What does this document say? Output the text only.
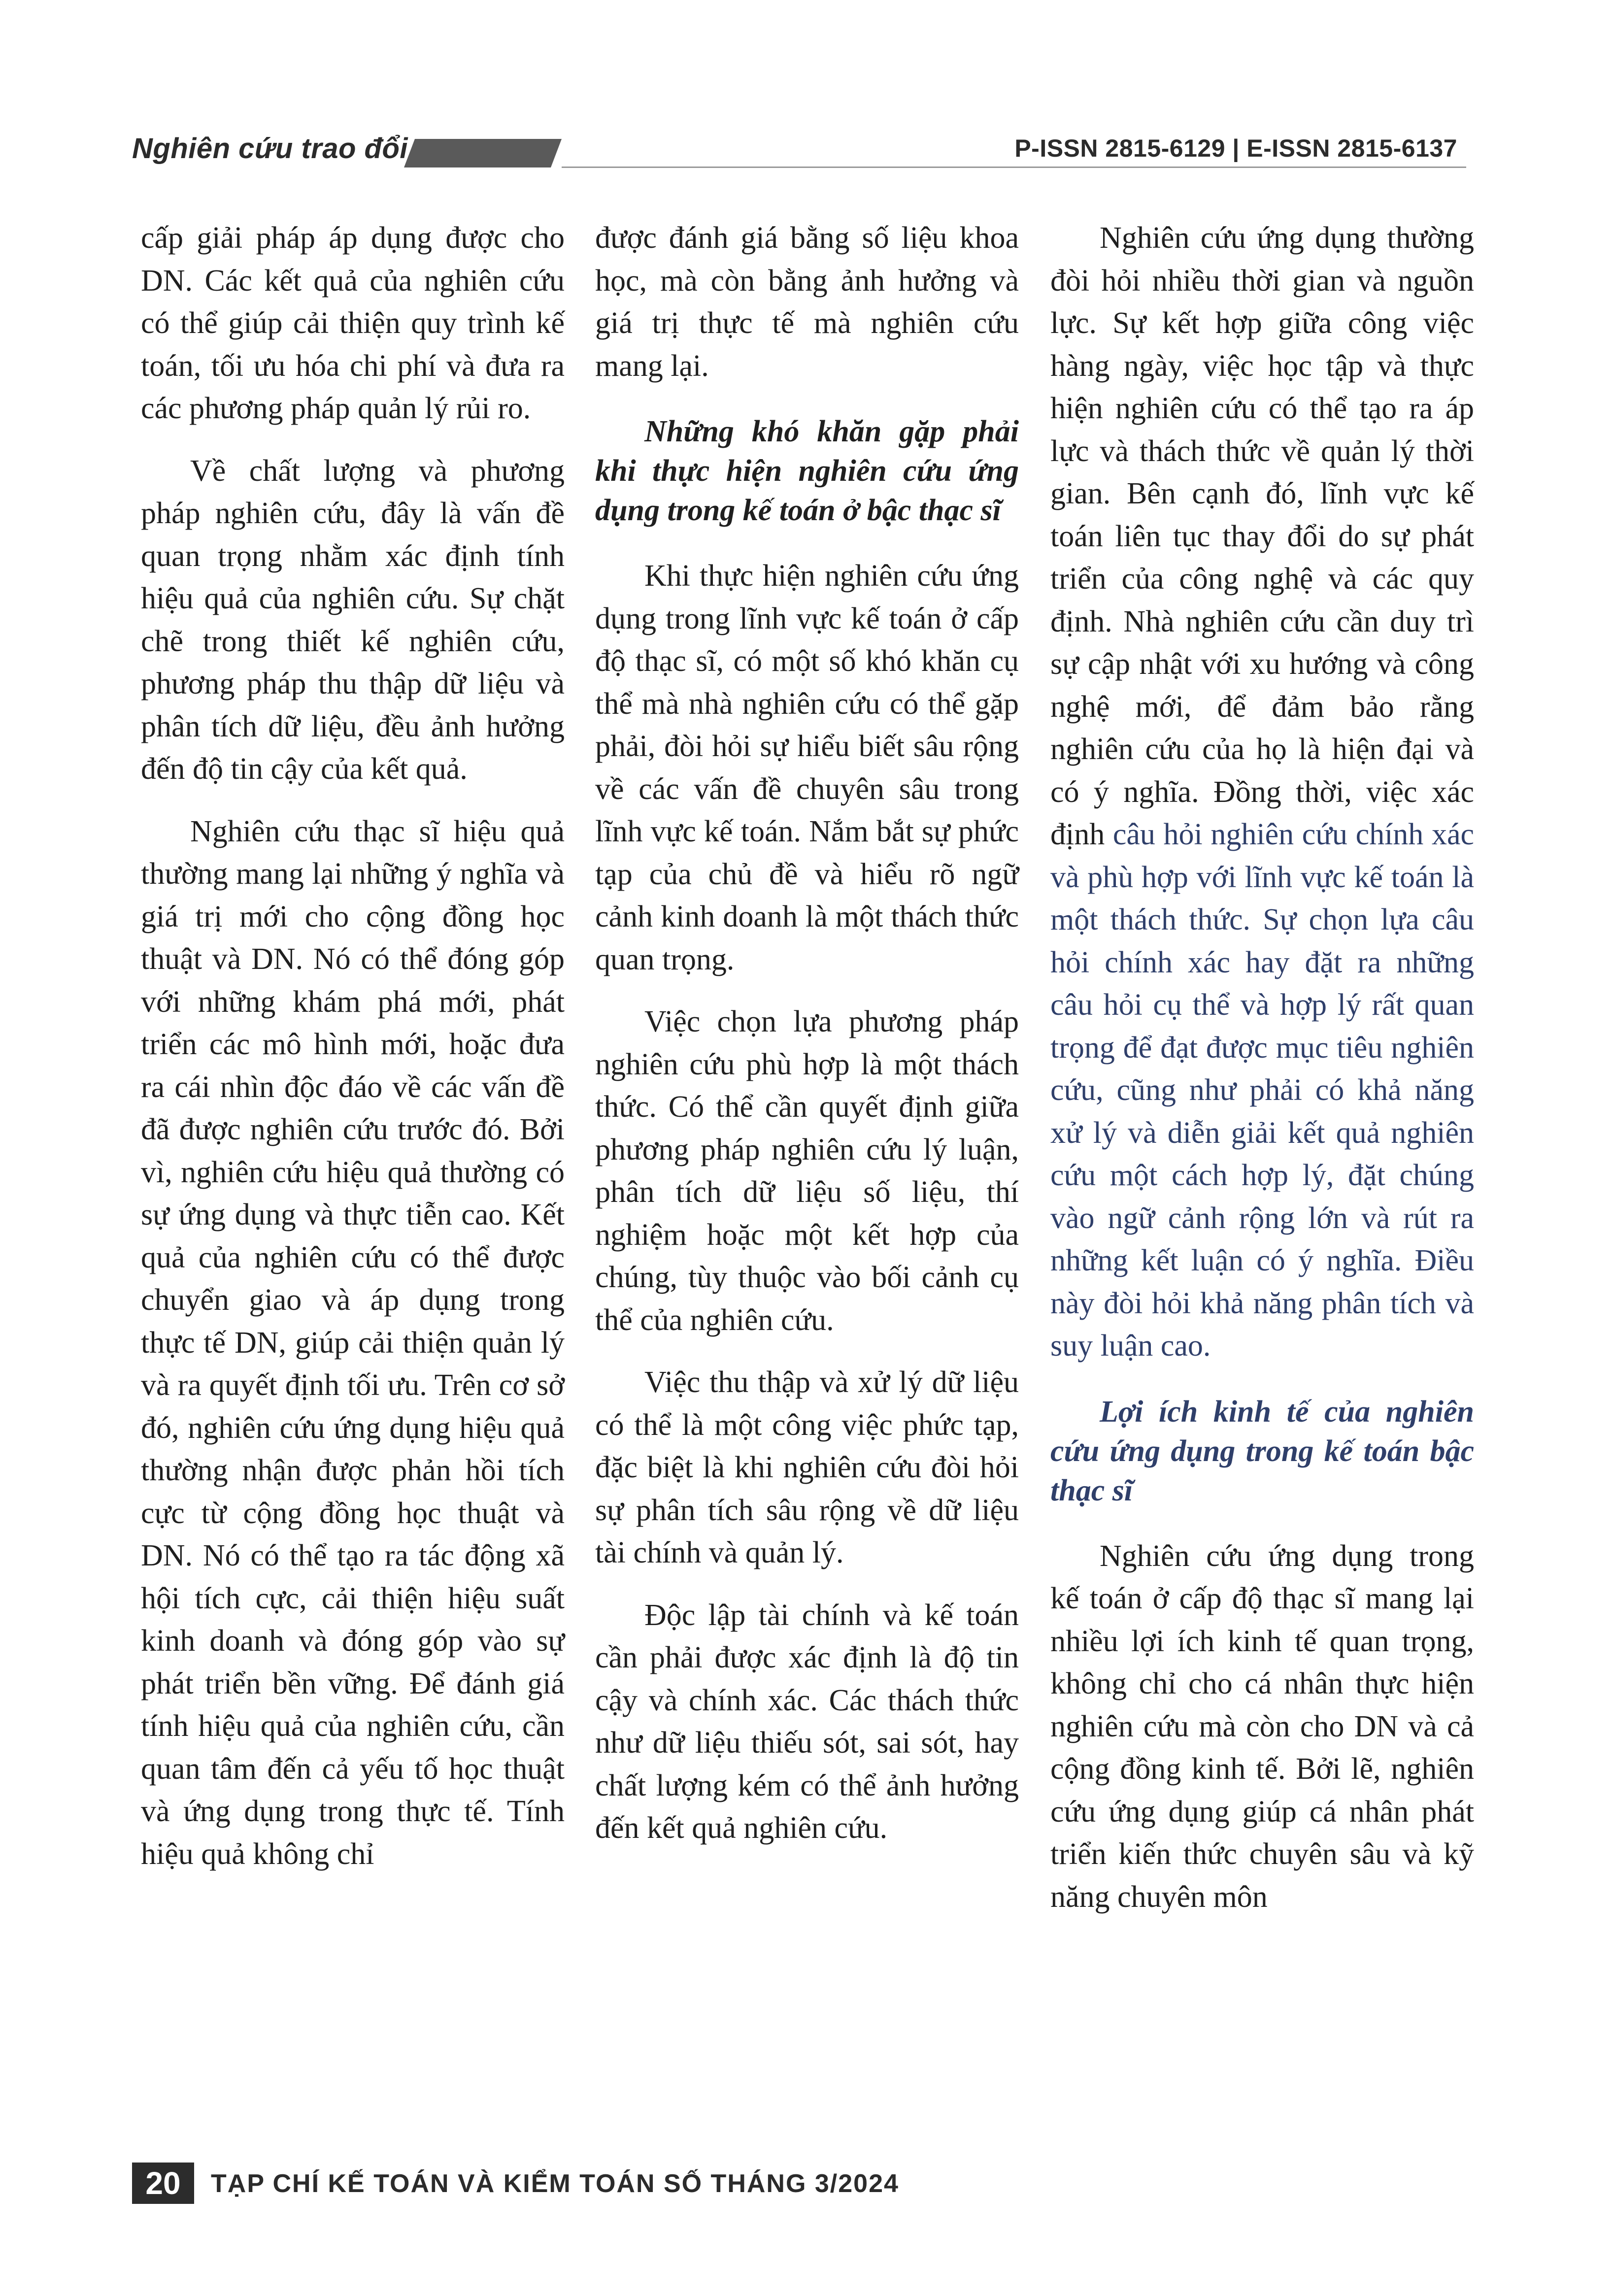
Nghiên cứu trao đổi	P-ISSN 2815-6129 | E-ISSN 2815-6137

cấp giải pháp áp dụng được cho DN. Các kết quả của nghiên cứu có thể giúp cải thiện quy trình kế toán, tối ưu hóa chi phí và đưa ra các phương pháp quản lý rủi ro.

Về chất lượng và phương pháp nghiên cứu, đây là vấn đề quan trọng nhằm xác định tính hiệu quả của nghiên cứu. Sự chặt chẽ trong thiết kế nghiên cứu, phương pháp thu thập dữ liệu và phân tích dữ liệu, đều ảnh hưởng đến độ tin cậy của kết quả.

Nghiên cứu thạc sĩ hiệu quả thường mang lại những ý nghĩa và giá trị mới cho cộng đồng học thuật và DN. Nó có thể đóng góp với những khám phá mới, phát triển các mô hình mới, hoặc đưa ra cái nhìn độc đáo về các vấn đề đã được nghiên cứu trước đó. Bởi vì, nghiên cứu hiệu quả thường có sự ứng dụng và thực tiễn cao. Kết quả của nghiên cứu có thể được chuyển giao và áp dụng trong thực tế DN, giúp cải thiện quản lý và ra quyết định tối ưu. Trên cơ sở đó, nghiên cứu ứng dụng hiệu quả thường nhận được phản hồi tích cực từ cộng đồng học thuật và DN. Nó có thể tạo ra tác động xã hội tích cực, cải thiện hiệu suất kinh doanh và đóng góp vào sự phát triển bền vững. Để đánh giá tính hiệu quả của nghiên cứu, cần quan tâm đến cả yếu tố học thuật và ứng dụng trong thực tế. Tính hiệu quả không chỉ

được đánh giá bằng số liệu khoa học, mà còn bằng ảnh hưởng và giá trị thực tế mà nghiên cứu mang lại.

Những khó khăn gặp phải khi thực hiện nghiên cứu ứng dụng trong kế toán ở bậc thạc sĩ

Khi thực hiện nghiên cứu ứng dụng trong lĩnh vực kế toán ở cấp độ thạc sĩ, có một số khó khăn cụ thể mà nhà nghiên cứu có thể gặp phải, đòi hỏi sự hiểu biết sâu rộng về các vấn đề chuyên sâu trong lĩnh vực kế toán. Nắm bắt sự phức tạp của chủ đề và hiểu rõ ngữ cảnh kinh doanh là một thách thức quan trọng.

Việc chọn lựa phương pháp nghiên cứu phù hợp là một thách thức. Có thể cần quyết định giữa phương pháp nghiên cứu lý luận, phân tích dữ liệu số liệu, thí nghiệm hoặc một kết hợp của chúng, tùy thuộc vào bối cảnh cụ thể của nghiên cứu.

Việc thu thập và xử lý dữ liệu có thể là một công việc phức tạp, đặc biệt là khi nghiên cứu đòi hỏi sự phân tích sâu rộng về dữ liệu tài chính và quản lý.

Độc lập tài chính và kế toán cần phải được xác định là độ tin cậy và chính xác. Các thách thức như dữ liệu thiếu sót, sai sót, hay chất lượng kém có thể ảnh hưởng đến kết quả nghiên cứu.

Nghiên cứu ứng dụng thường đòi hỏi nhiều thời gian và nguồn lực. Sự kết hợp giữa công việc hàng ngày, việc học tập và thực hiện nghiên cứu có thể tạo ra áp lực và thách thức về quản lý thời gian. Bên cạnh đó, lĩnh vực kế toán liên tục thay đổi do sự phát triển của công nghệ và các quy định. Nhà nghiên cứu cần duy trì sự cập nhật với xu hướng và công nghệ mới, để đảm bảo rằng nghiên cứu của họ là hiện đại và có ý nghĩa. Đồng thời, việc xác định câu hỏi nghiên cứu chính xác và phù hợp với lĩnh vực kế toán là một thách thức. Sự chọn lựa câu hỏi chính xác hay đặt ra những câu hỏi cụ thể và hợp lý rất quan trọng để đạt được mục tiêu nghiên cứu, cũng như phải có khả năng xử lý và diễn giải kết quả nghiên cứu một cách hợp lý, đặt chúng vào ngữ cảnh rộng lớn và rút ra những kết luận có ý nghĩa. Điều này đòi hỏi khả năng phân tích và suy luận cao.

Lợi ích kinh tế của nghiên cứu ứng dụng trong kế toán bậc thạc sĩ

Nghiên cứu ứng dụng trong kế toán ở cấp độ thạc sĩ mang lại nhiều lợi ích kinh tế quan trọng, không chỉ cho cá nhân thực hiện nghiên cứu mà còn cho DN và cả cộng đồng kinh tế. Bởi lẽ, nghiên cứu ứng dụng giúp cá nhân phát triển kiến thức chuyên sâu và kỹ năng chuyên môn

20	TẠP CHÍ KẾ TOÁN VÀ KIỂM TOÁN SỐ THÁNG 3/2024
